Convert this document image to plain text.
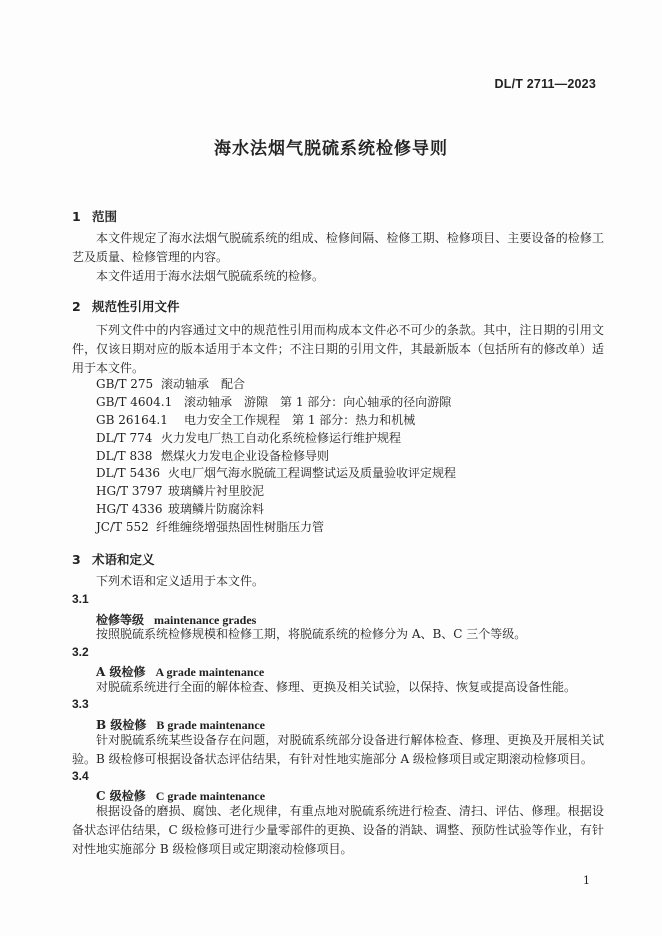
DL/T 2711—2023
海水法烟气脱硫系统检修导则
1 范围
本文件规定了海水法烟气脱硫系统的组成、检修间隔、检修工期、检修项目、主要设备的检修工艺及质量、检修管理的内容。
本文件适用于海水法烟气脱硫系统的检修。
2 规范性引用文件
下列文件中的内容通过文中的规范性引用而构成本文件必不可少的条款。其中，注日期的引用文件，仅该日期对应的版本适用于本文件；不注日期的引用文件，其最新版本（包括所有的修改单）适用于本文件。
GB/T 275 滚动轴承　配合
GB/T 4604.1 滚动轴承　游隙　第 1 部分：向心轴承的径向游隙
GB 26164.1 电力安全工作规程　第 1 部分：热力和机械
DL/T 774 火力发电厂热工自动化系统检修运行维护规程
DL/T 838 燃煤火力发电企业设备检修导则
DL/T 5436 火电厂烟气海水脱硫工程调整试运及质量验收评定规程
HG/T 3797 玻璃鳞片衬里胶泥
HG/T 4336 玻璃鳞片防腐涂料
JC/T 552 纤维缠绕增强热固性树脂压力管
3 术语和定义
下列术语和定义适用于本文件。
3.1
检修等级 maintenance grades
按照脱硫系统检修规模和检修工期，将脱硫系统的检修分为 A、B、C 三个等级。
3.2
A 级检修 A grade maintenance
对脱硫系统进行全面的解体检查、修理、更换及相关试验，以保持、恢复或提高设备性能。
3.3
B 级检修 B grade maintenance
针对脱硫系统某些设备存在问题，对脱硫系统部分设备进行解体检查、修理、更换及开展相关试验。B 级检修可根据设备状态评估结果，有针对性地实施部分 A 级检修项目或定期滚动检修项目。
3.4
C 级检修 C grade maintenance
根据设备的磨损、腐蚀、老化规律，有重点地对脱硫系统进行检查、清扫、评估、修理。根据设备状态评估结果，C 级检修可进行少量零部件的更换、设备的消缺、调整、预防性试验等作业，有针对性地实施部分 B 级检修项目或定期滚动检修项目。
1
